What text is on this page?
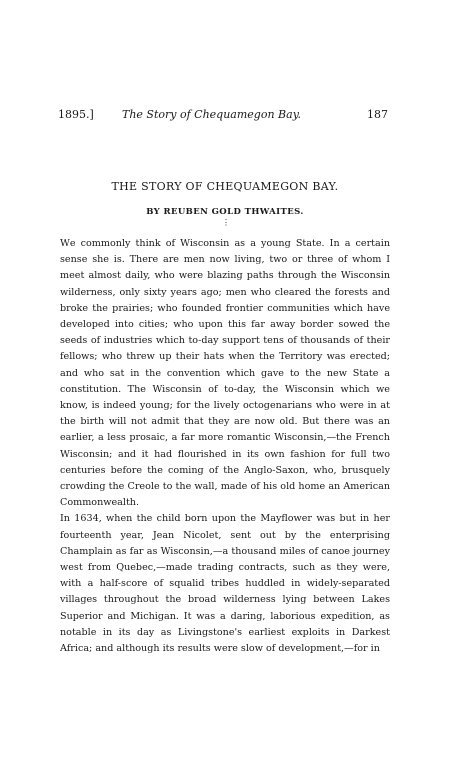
1895.]	The Story of Chequamegon Bay.	187
THE STORY OF CHEQUAMEGON BAY.
BY REUBEN GOLD THWAITES.
⋮

We commonly think of Wisconsin as a young State. In a certain sense she is. There are men now living, two or three of whom I meet almost daily, who were blazing paths through the Wisconsin wilderness, only sixty years ago; men who cleared the forests and broke the prairies; who founded frontier communities which have developed into cities; who upon this far away border sowed the seeds of industries which to-day support tens of thousands of their fellows; who threw up their hats when the Territory was erected; and who sat in the convention which gave to the new State a constitution. The Wisconsin of to-day, the Wisconsin which we know, is indeed young; for the lively octogenarians who were in at the birth will not admit that they are now old. But there was an earlier, a less prosaic, a far more romantic Wisconsin,—the French Wisconsin; and it had flourished in its own fashion for full two centuries before the coming of the Anglo-Saxon, who, brusquely crowding the Creole to the wall, made of his old home an American Commonwealth.

In 1634, when the child born upon the Mayflower was but in her fourteenth year, Jean Nicolet, sent out by the enterprising Champlain as far as Wisconsin,—a thousand miles of canoe journey west from Quebec,—made trading contracts, such as they were, with a half-score of squalid tribes huddled in widely-separated villages throughout the broad wilderness lying between Lakes Superior and Michigan. It was a daring, laborious expedition, as notable in its day as Livingstone's earliest exploits in Darkest Africa; and although its results were slow of development,—for in
